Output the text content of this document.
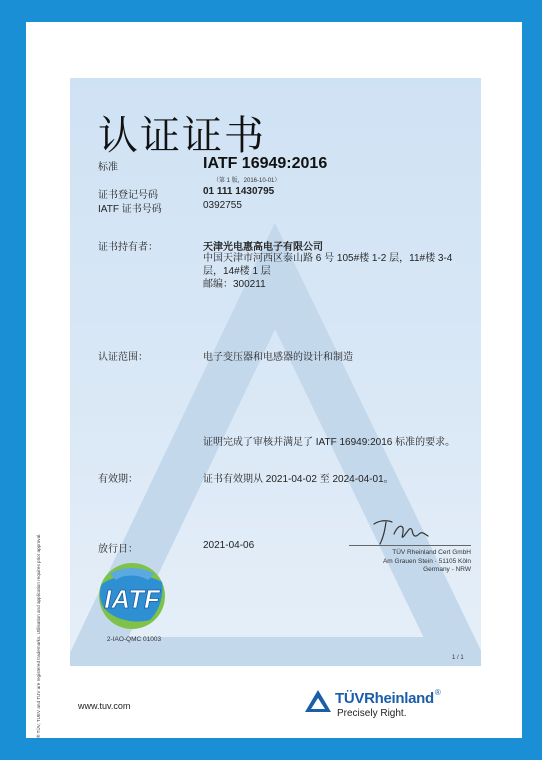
认证证书
标准	IATF 16949:2016
（第 1 版，2016-10-01）
证书登记号码	01 111 1430795
IATF 证书号码	0392755
证书持有者：	天津光电惠高电子有限公司
中国天津市河西区泰山路 6 号 105#楼 1-2 层，11#楼 3-4 层，14#楼 1 层
邮编：300211
认证范围：	电子变压器和电感器的设计和制造
证明完成了审核并满足了 IATF 16949:2016 标准的要求。
有效期：	证书有效期从 2021-04-02 至 2024-04-01。
放行日：	2021-04-06
TÜV Rheinland Cert GmbH
Am Grauen Stein · 51105 Köln
Germany - NRW
IATF
2-IAO-QMC 01003
1 / 1
www.tuv.com	TÜVRheinland®
Precisely Right.
® TÜV, TUEV and TUV are registered trademarks. Utilisation and application requires prior approval.
